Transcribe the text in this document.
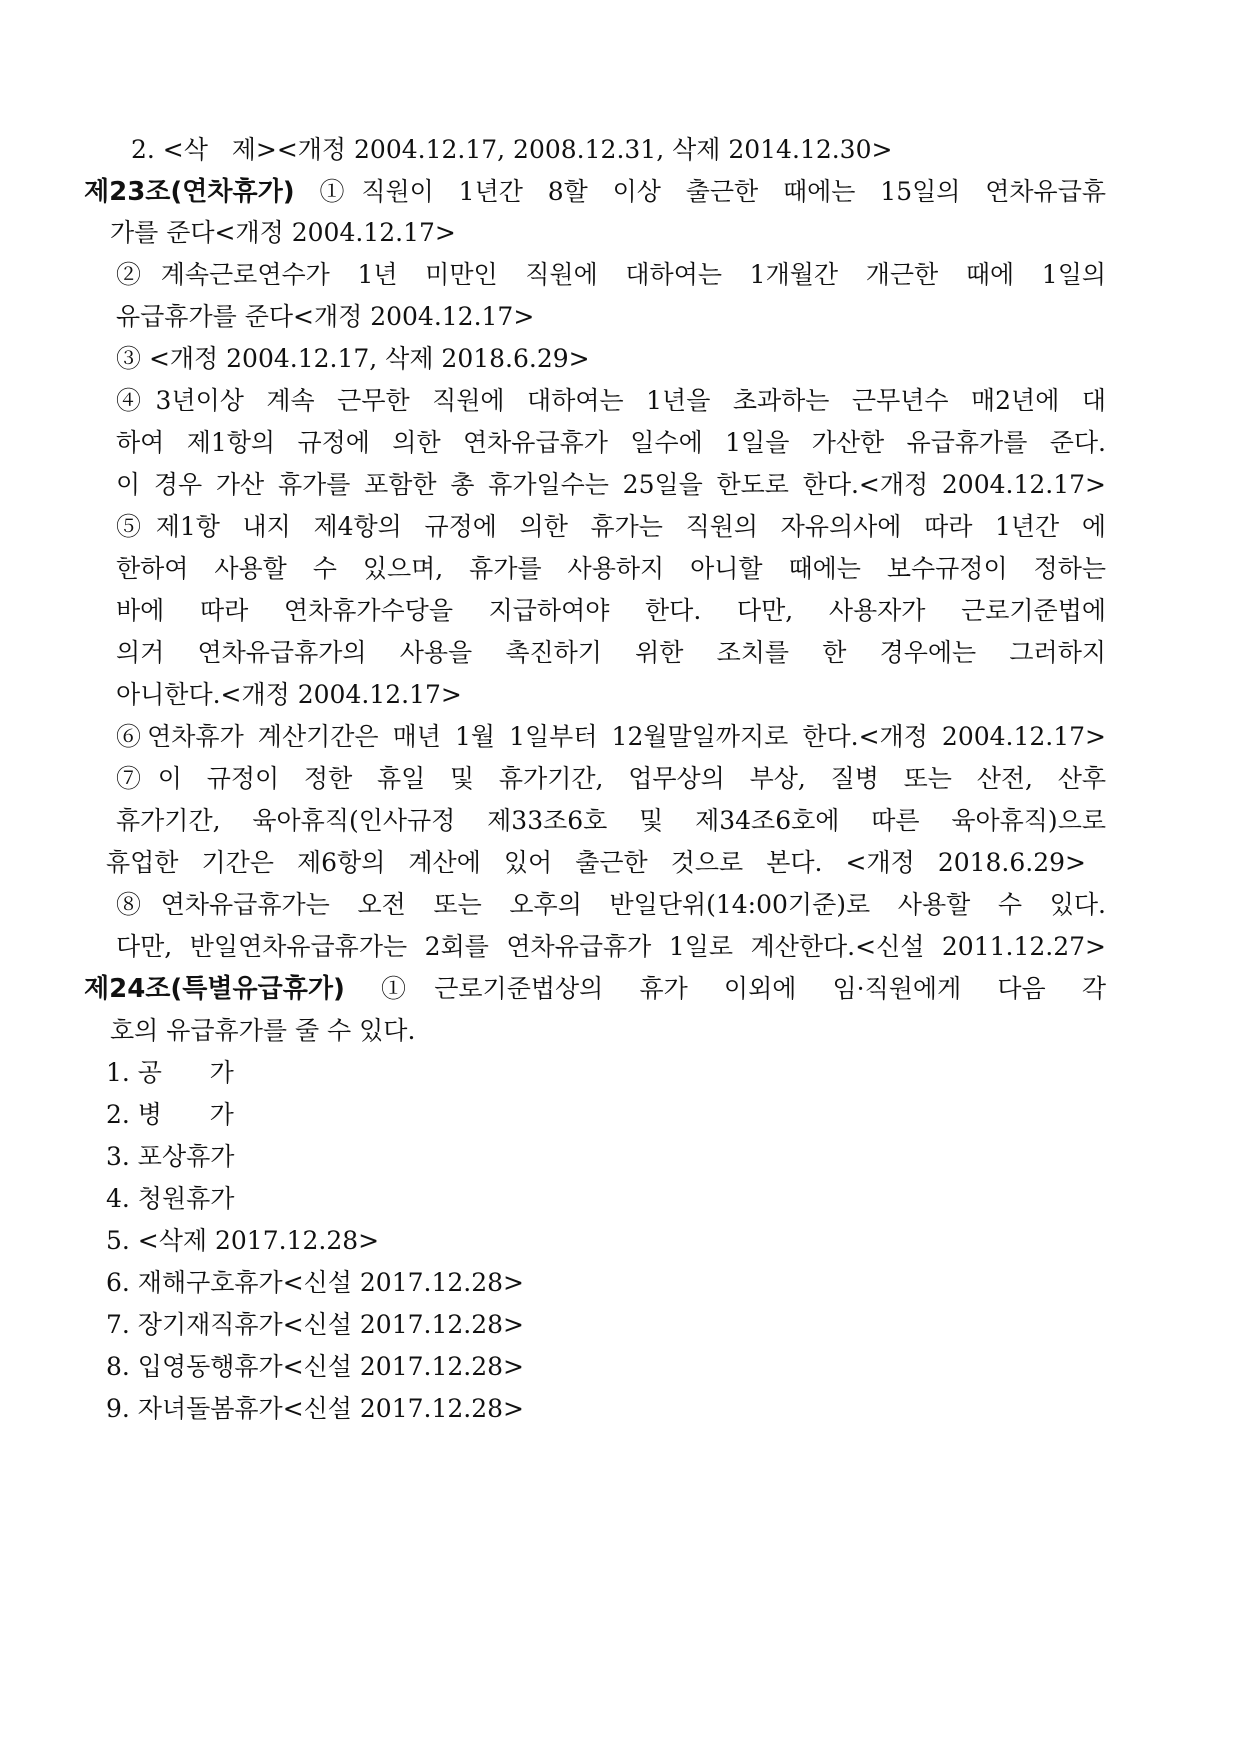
2. <삭   제><개정 2004.12.17, 2008.12.31, 삭제 2014.12.30>
제23조(연차휴가) ①직원이 1년간 8할 이상 출근한 때에는 15일의 연차유급휴
가를 준다<개정 2004.12.17>
②계속근로연수가 1년 미만인 직원에 대하여는 1개월간 개근한 때에 1일의
유급휴가를 준다<개정 2004.12.17>
③ <개정 2004.12.17, 삭제 2018.6.29>
④3년이상 계속 근무한 직원에 대하여는 1년을 초과하는 근무년수 매2년에 대
하여 제1항의 규정에 의한 연차유급휴가 일수에 1일을 가산한 유급휴가를 준다.
이 경우 가산 휴가를 포함한 총 휴가일수는 25일을 한도로 한다.<개정 2004.12.17>
⑤제1항 내지 제4항의 규정에 의한 휴가는 직원의 자유의사에 따라 1년간 에
한하여 사용할 수 있으며, 휴가를 사용하지 아니할 때에는 보수규정이 정하는
바에 따라 연차휴가수당을 지급하여야 한다. 다만, 사용자가 근로기준법에
의거 연차유급휴가의 사용을 촉진하기 위한 조치를 한 경우에는 그러하지
아니한다.<개정 2004.12.17>
⑥연차휴가 계산기간은 매년 1월 1일부터 12월말일까지로 한다.<개정 2004.12.17>
⑦이 규정이 정한 휴일 및 휴가기간, 업무상의 부상, 질병 또는 산전, 산후
휴가기간, 육아휴직(인사규정 제33조6호 및 제34조6호에 따른 육아휴직)으로
휴업한 기간은 제6항의 계산에 있어 출근한 것으로 본다. <개정 2018.6.29>
⑧연차유급휴가는 오전 또는 오후의 반일단위(14:00기준)로 사용할 수 있다.
다만, 반일연차유급휴가는 2회를 연차유급휴가 1일로 계산한다.<신설 2011.12.27>
제24조(특별유급휴가) ①근로기준법상의 휴가 이외에 임·직원에게 다음 각
호의 유급휴가를 줄 수 있다.
1. 공      가
2. 병      가
3. 포상휴가
4. 청원휴가
5. <삭제 2017.12.28>
6. 재해구호휴가<신설 2017.12.28>
7. 장기재직휴가<신설 2017.12.28>
8. 입영동행휴가<신설 2017.12.28>
9. 자녀돌봄휴가<신설 2017.12.28>
